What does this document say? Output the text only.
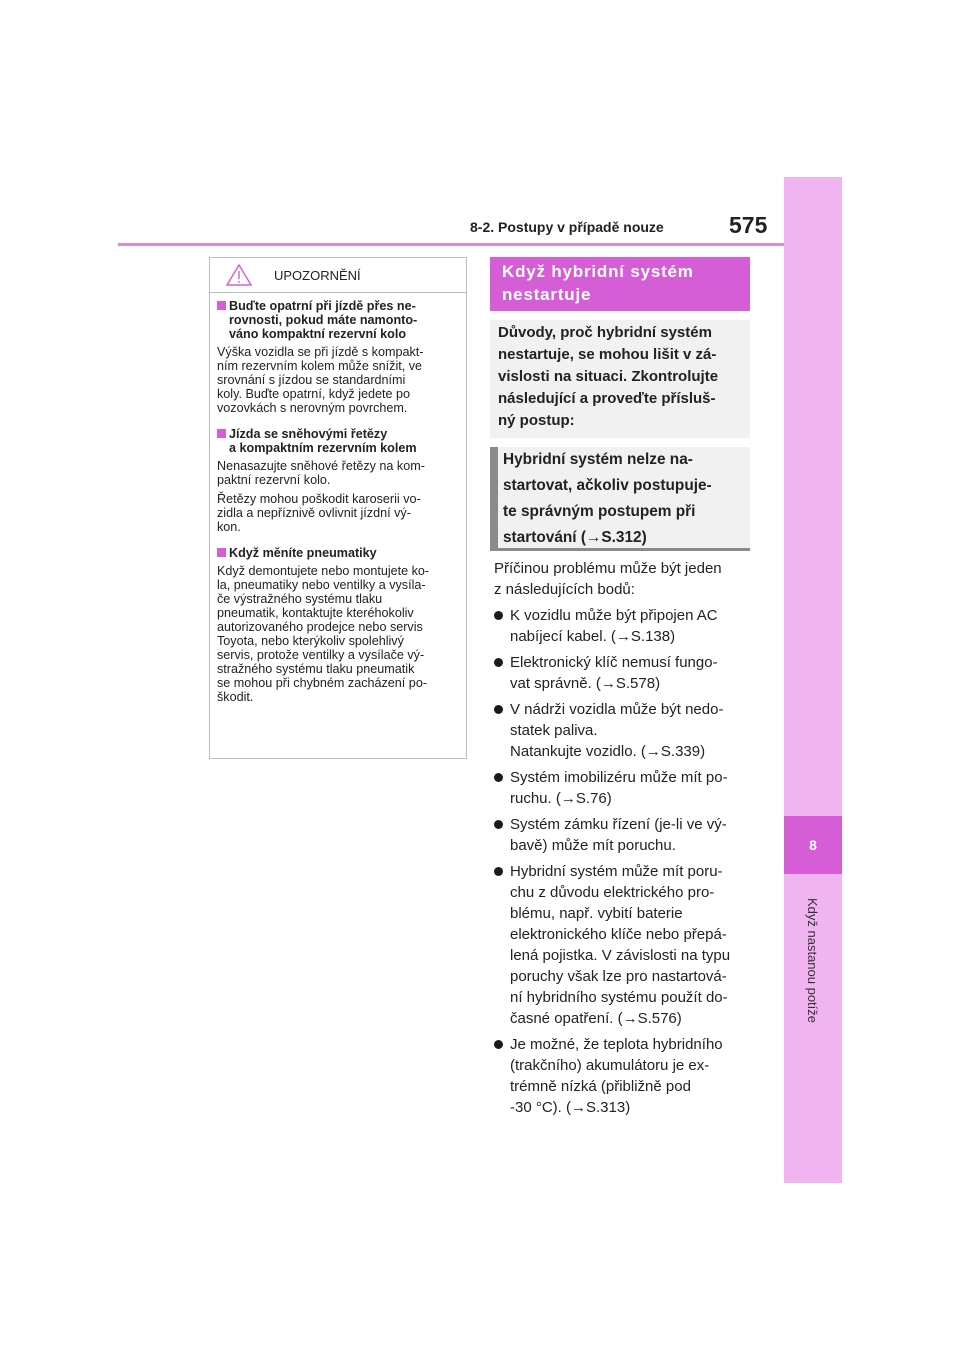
8-2. Postupy v případě nouze	575
8
Když nastanou potíže
UPOZORNĚNÍ
Buďte opatrní při jízdě přes ne-
rovnosti, pokud máte namonto-
váno kompaktní rezervní kolo
Výška vozidla se při jízdě s kompakt-
ním rezervním kolem může snížit, ve
srovnání s jízdou se standardními
koly. Buďte opatrní, když jedete po
vozovkách s nerovným povrchem.
Jízda se sněhovými řetězy
a kompaktním rezervním kolem
Nenasazujte sněhové řetězy na kom-
paktní rezervní kolo.
Řetězy mohou poškodit karoserii vo-
zidla a nepříznivě ovlivnit jízdní vý-
kon.
Když měníte pneumatiky
Když demontujete nebo montujete ko-
la, pneumatiky nebo ventilky a vysíla-
če výstražného systému tlaku
pneumatik, kontaktujte kteréhokoliv
autorizovaného prodejce nebo servis
Toyota, nebo kterýkoliv spolehlivý
servis, protože ventilky a vysílače vý-
stražného systému tlaku pneumatik
se mohou při chybném zacházení po-
škodit.
Když hybridní systém
nestartuje
Důvody, proč hybridní systém
nestartuje, se mohou lišit v zá-
vislosti na situaci. Zkontrolujte
následující a proveďte přísluš-
ný postup:
Hybridní systém nelze na-
startovat, ačkoliv postupuje-
te správným postupem při
startování (→S.312)

Příčinou problému může být jeden
z následujících bodů:

K vozidlu může být připojen AC
nabíjecí kabel. (→S.138)
Elektronický klíč nemusí fungo-
vat správně. (→S.578)
V nádrži vozidla může být nedo-
statek paliva.
Natankujte vozidlo. (→S.339)
Systém imobilizéru může mít po-
ruchu. (→S.76)
Systém zámku řízení (je-li ve vý-
bavě) může mít poruchu.
Hybridní systém může mít poru-
chu z důvodu elektrického pro-
blému, např. vybití baterie
elektronického klíče nebo přepá-
lená pojistka. V závislosti na typu
poruchy však lze pro nastartová-
ní hybridního systému použít do-
časné opatření. (→S.576)
Je možné, že teplota hybridního
(trakčního) akumulátoru je ex-
trémně nízká (přibližně pod
-30 °C). (→S.313)
